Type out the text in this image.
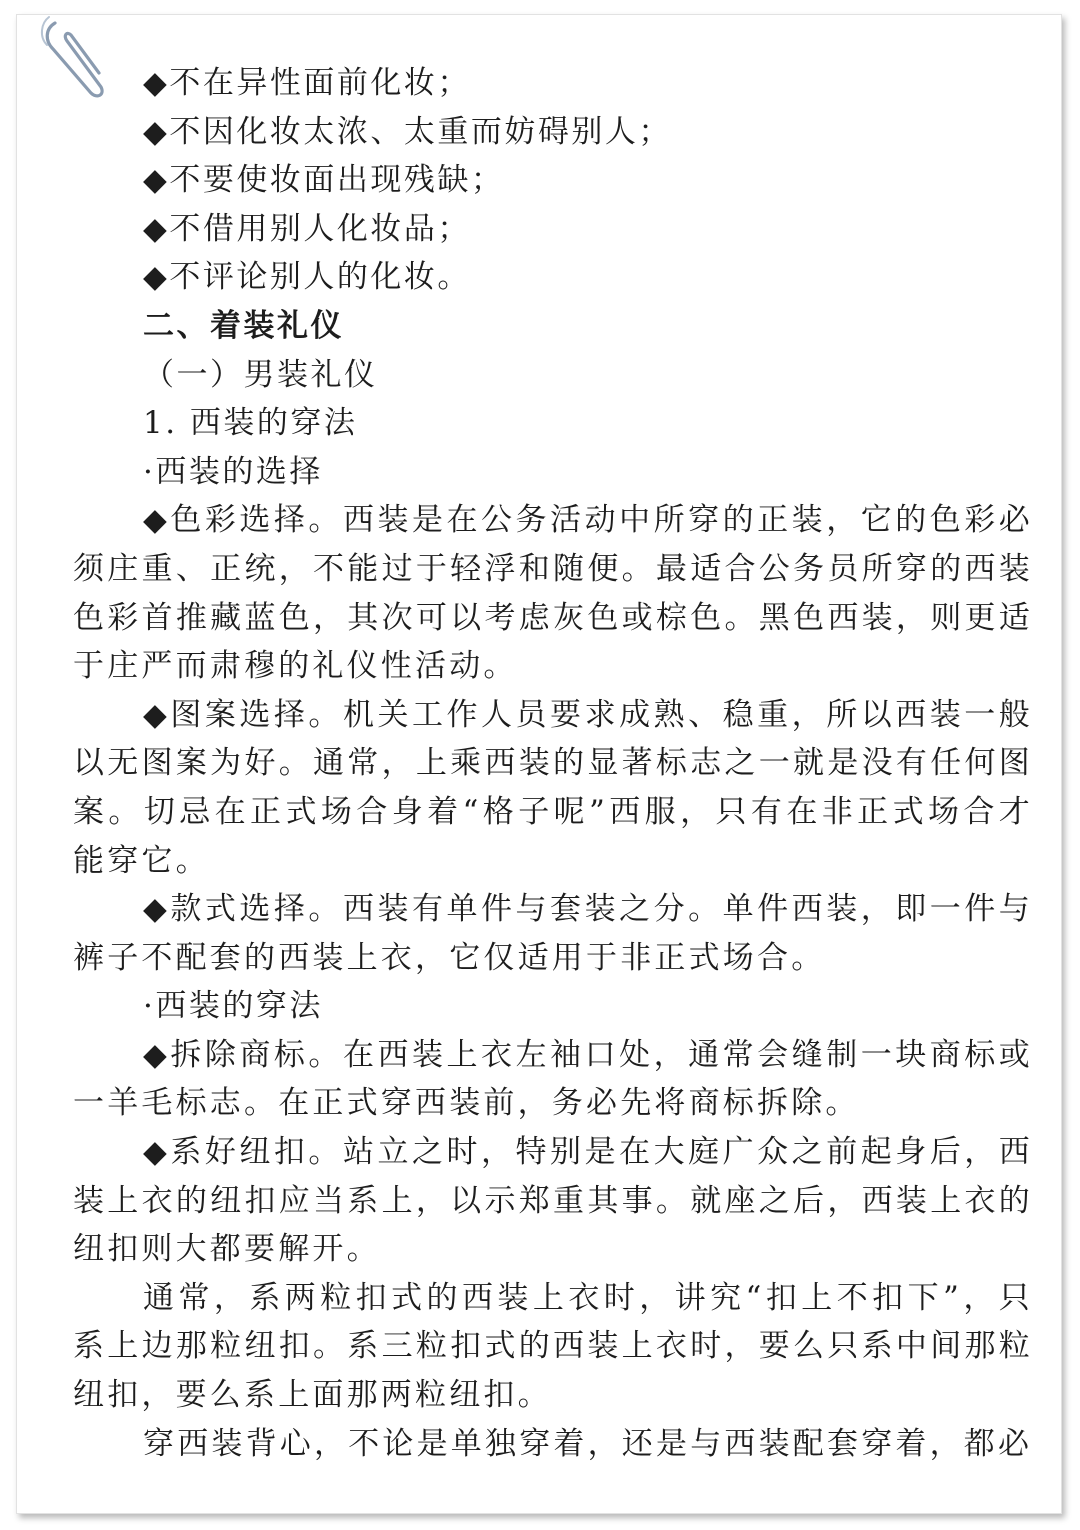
◆不在异性面前化妆；

◆不因化妆太浓、太重而妨碍别人；

◆不要使妆面出现残缺；

◆不借用别人化妆品；

◆不评论别人的化妆。

二、着装礼仪

（一）男装礼仪

1. 西装的穿法

·西装的选择

◆色彩选择。西装是在公务活动中所穿的正装，它的色彩必须庄重、正统，不能过于轻浮和随便。最适合公务员所穿的西装色彩首推藏蓝色，其次可以考虑灰色或棕色。黑色西装，则更适于庄严而肃穆的礼仪性活动。

◆图案选择。机关工作人员要求成熟、稳重，所以西装一般以无图案为好。通常，上乘西装的显著标志之一就是没有任何图案。切忌在正式场合身着“格子呢”西服，只有在非正式场合才能穿它。

◆款式选择。西装有单件与套装之分。单件西装，即一件与裤子不配套的西装上衣，它仅适用于非正式场合。

·西装的穿法

◆拆除商标。在西装上衣左袖口处，通常会缝制一块商标或一羊毛标志。在正式穿西装前，务必先将商标拆除。

◆系好纽扣。站立之时，特别是在大庭广众之前起身后，西装上衣的纽扣应当系上，以示郑重其事。就座之后，西装上衣的纽扣则大都要解开。

通常，系两粒扣式的西装上衣时，讲究“扣上不扣下”，只系上边那粒纽扣。系三粒扣式的西装上衣时，要么只系中间那粒纽扣，要么系上面那两粒纽扣。

穿西装背心，不论是单独穿着，还是与西装配套穿着，都必
